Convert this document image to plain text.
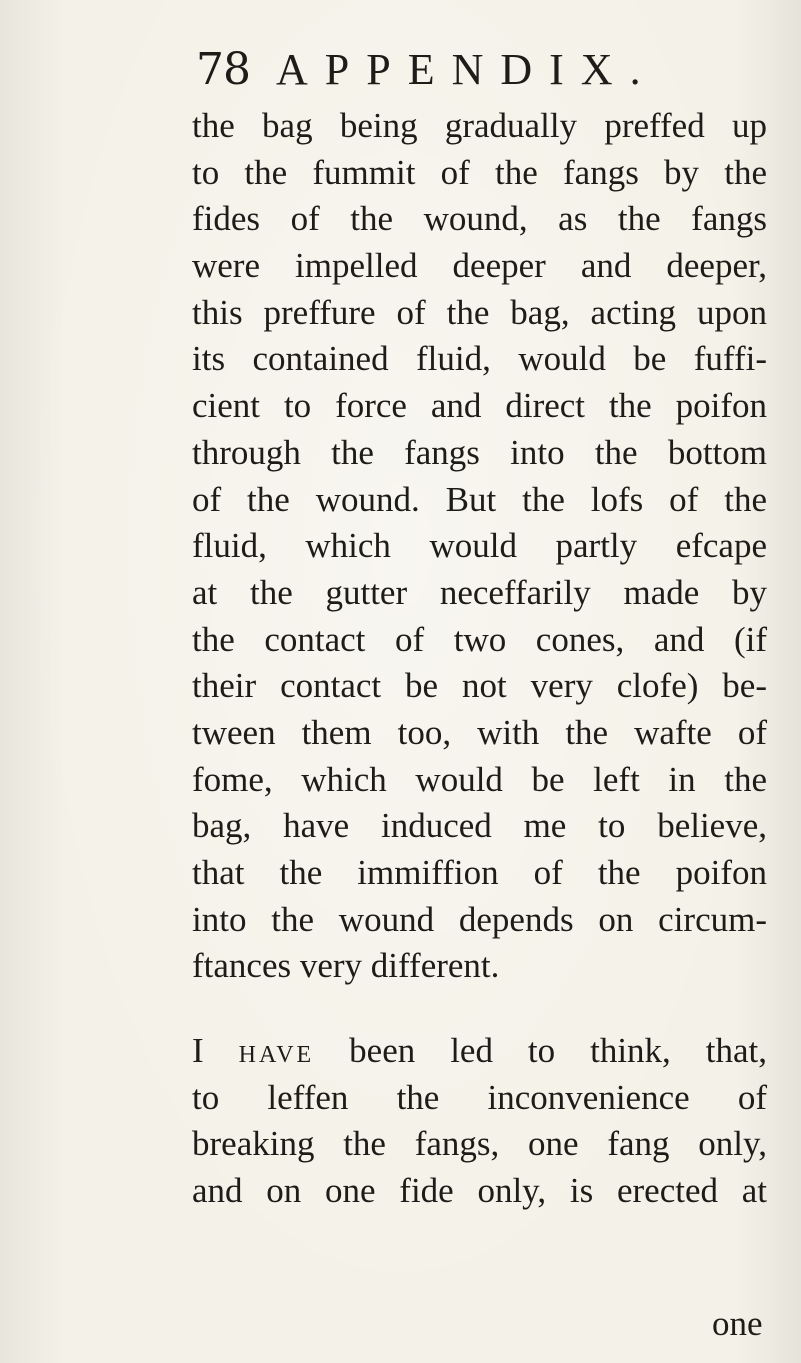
78 APPENDIX.
the bag being gradually preffed up
to the fummit of the fangs by the
fides of the wound, as the fangs
were impelled deeper and deeper,
this preffure of the bag, acting upon
its contained fluid, would be fuffi-
cient to force and direct the poifon
through the fangs into the bottom
of the wound. But the lofs of the
fluid, which would partly efcape
at the gutter neceffarily made by
the contact of two cones, and (if
their contact be not very clofe) be-
tween them too, with the wafte of
fome, which would be left in the
bag, have induced me to believe,
that the immiffion of the poifon
into the wound depends on circum-
ftances very different.
I HAVE been led to think, that,
to leffen the inconvenience of
breaking the fangs, one fang only,
and on one fide only, is erected at
one
